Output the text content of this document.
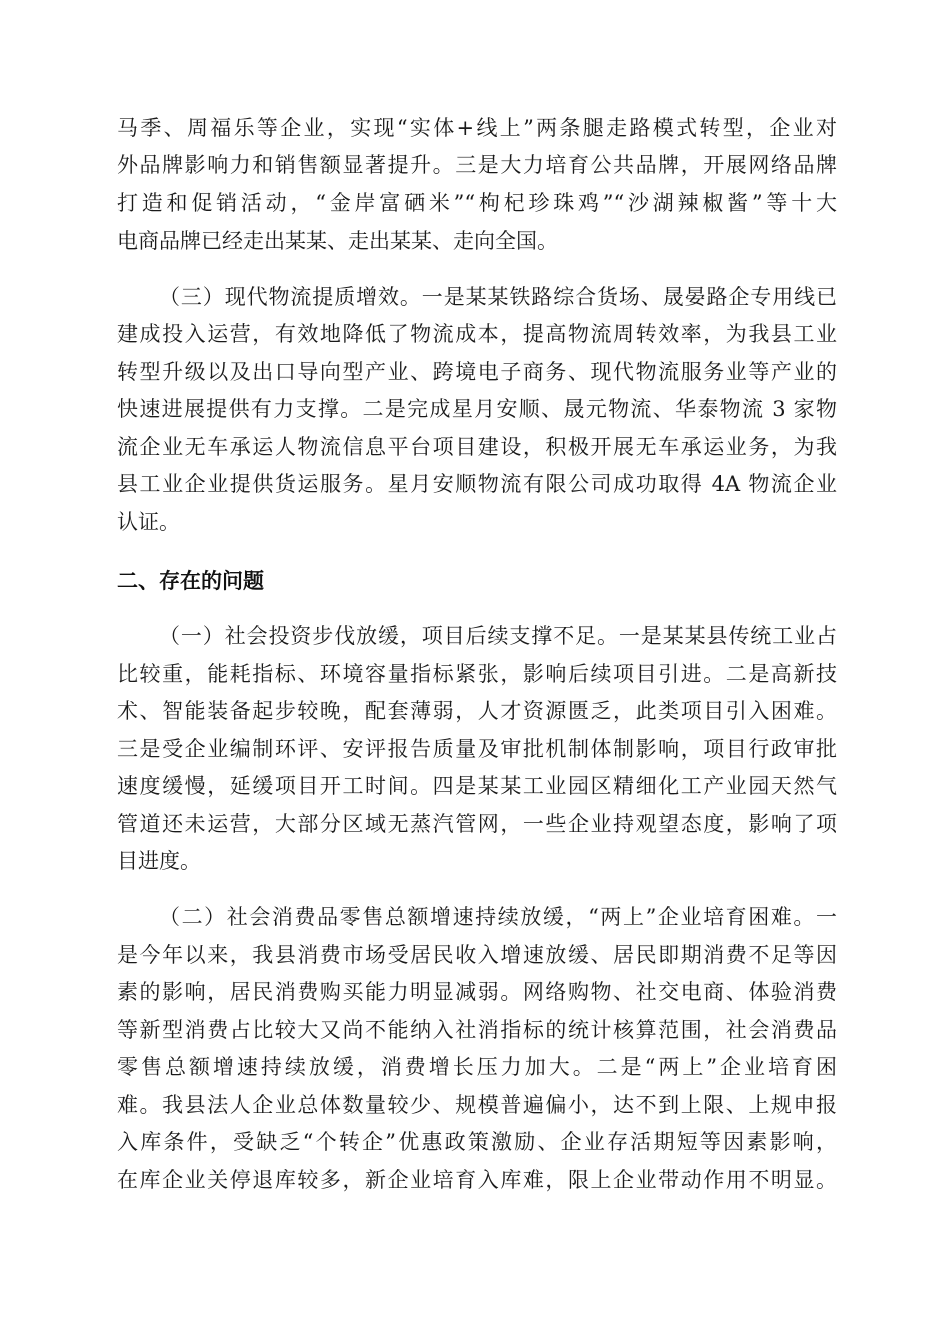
马季、周福乐等企业，实现“实体+线上”两条腿走路模式转型，企业对
外品牌影响力和销售额显著提升。三是大力培育公共品牌，开展网络品牌
打造和促销活动，“金岸富硒米”“枸杞珍珠鸡”“沙湖辣椒酱”等十大
电商品牌已经走出某某、走出某某、走向全国。
（三）现代物流提质增效。一是某某铁路综合货场、晟晏路企专用线已
建成投入运营，有效地降低了物流成本，提高物流周转效率，为我县工业
转型升级以及出口导向型产业、跨境电子商务、现代物流服务业等产业的
快速进展提供有力支撑。二是完成星月安顺、晟元物流、华泰物流 3 家物
流企业无车承运人物流信息平台项目建设，积极开展无车承运业务，为我
县工业企业提供货运服务。星月安顺物流有限公司成功取得 4A 物流企业
认证。
二、存在的问题
（一）社会投资步伐放缓，项目后续支撑不足。一是某某县传统工业占
比较重，能耗指标、环境容量指标紧张，影响后续项目引进。二是高新技
术、智能装备起步较晚，配套薄弱，人才资源匮乏，此类项目引入困难。
三是受企业编制环评、安评报告质量及审批机制体制影响，项目行政审批
速度缓慢，延缓项目开工时间。四是某某工业园区精细化工产业园天然气
管道还未运营，大部分区域无蒸汽管网，一些企业持观望态度，影响了项
目进度。
（二）社会消费品零售总额增速持续放缓，“两上”企业培育困难。一
是今年以来，我县消费市场受居民收入增速放缓、居民即期消费不足等因
素的影响，居民消费购买能力明显减弱。网络购物、社交电商、体验消费
等新型消费占比较大又尚不能纳入社消指标的统计核算范围，社会消费品
零售总额增速持续放缓，消费增长压力加大。二是“两上”企业培育困
难。我县法人企业总体数量较少、规模普遍偏小，达不到上限、上规申报
入库条件，受缺乏“个转企”优惠政策激励、企业存活期短等因素影响，
在库企业关停退库较多，新企业培育入库难，限上企业带动作用不明显。
